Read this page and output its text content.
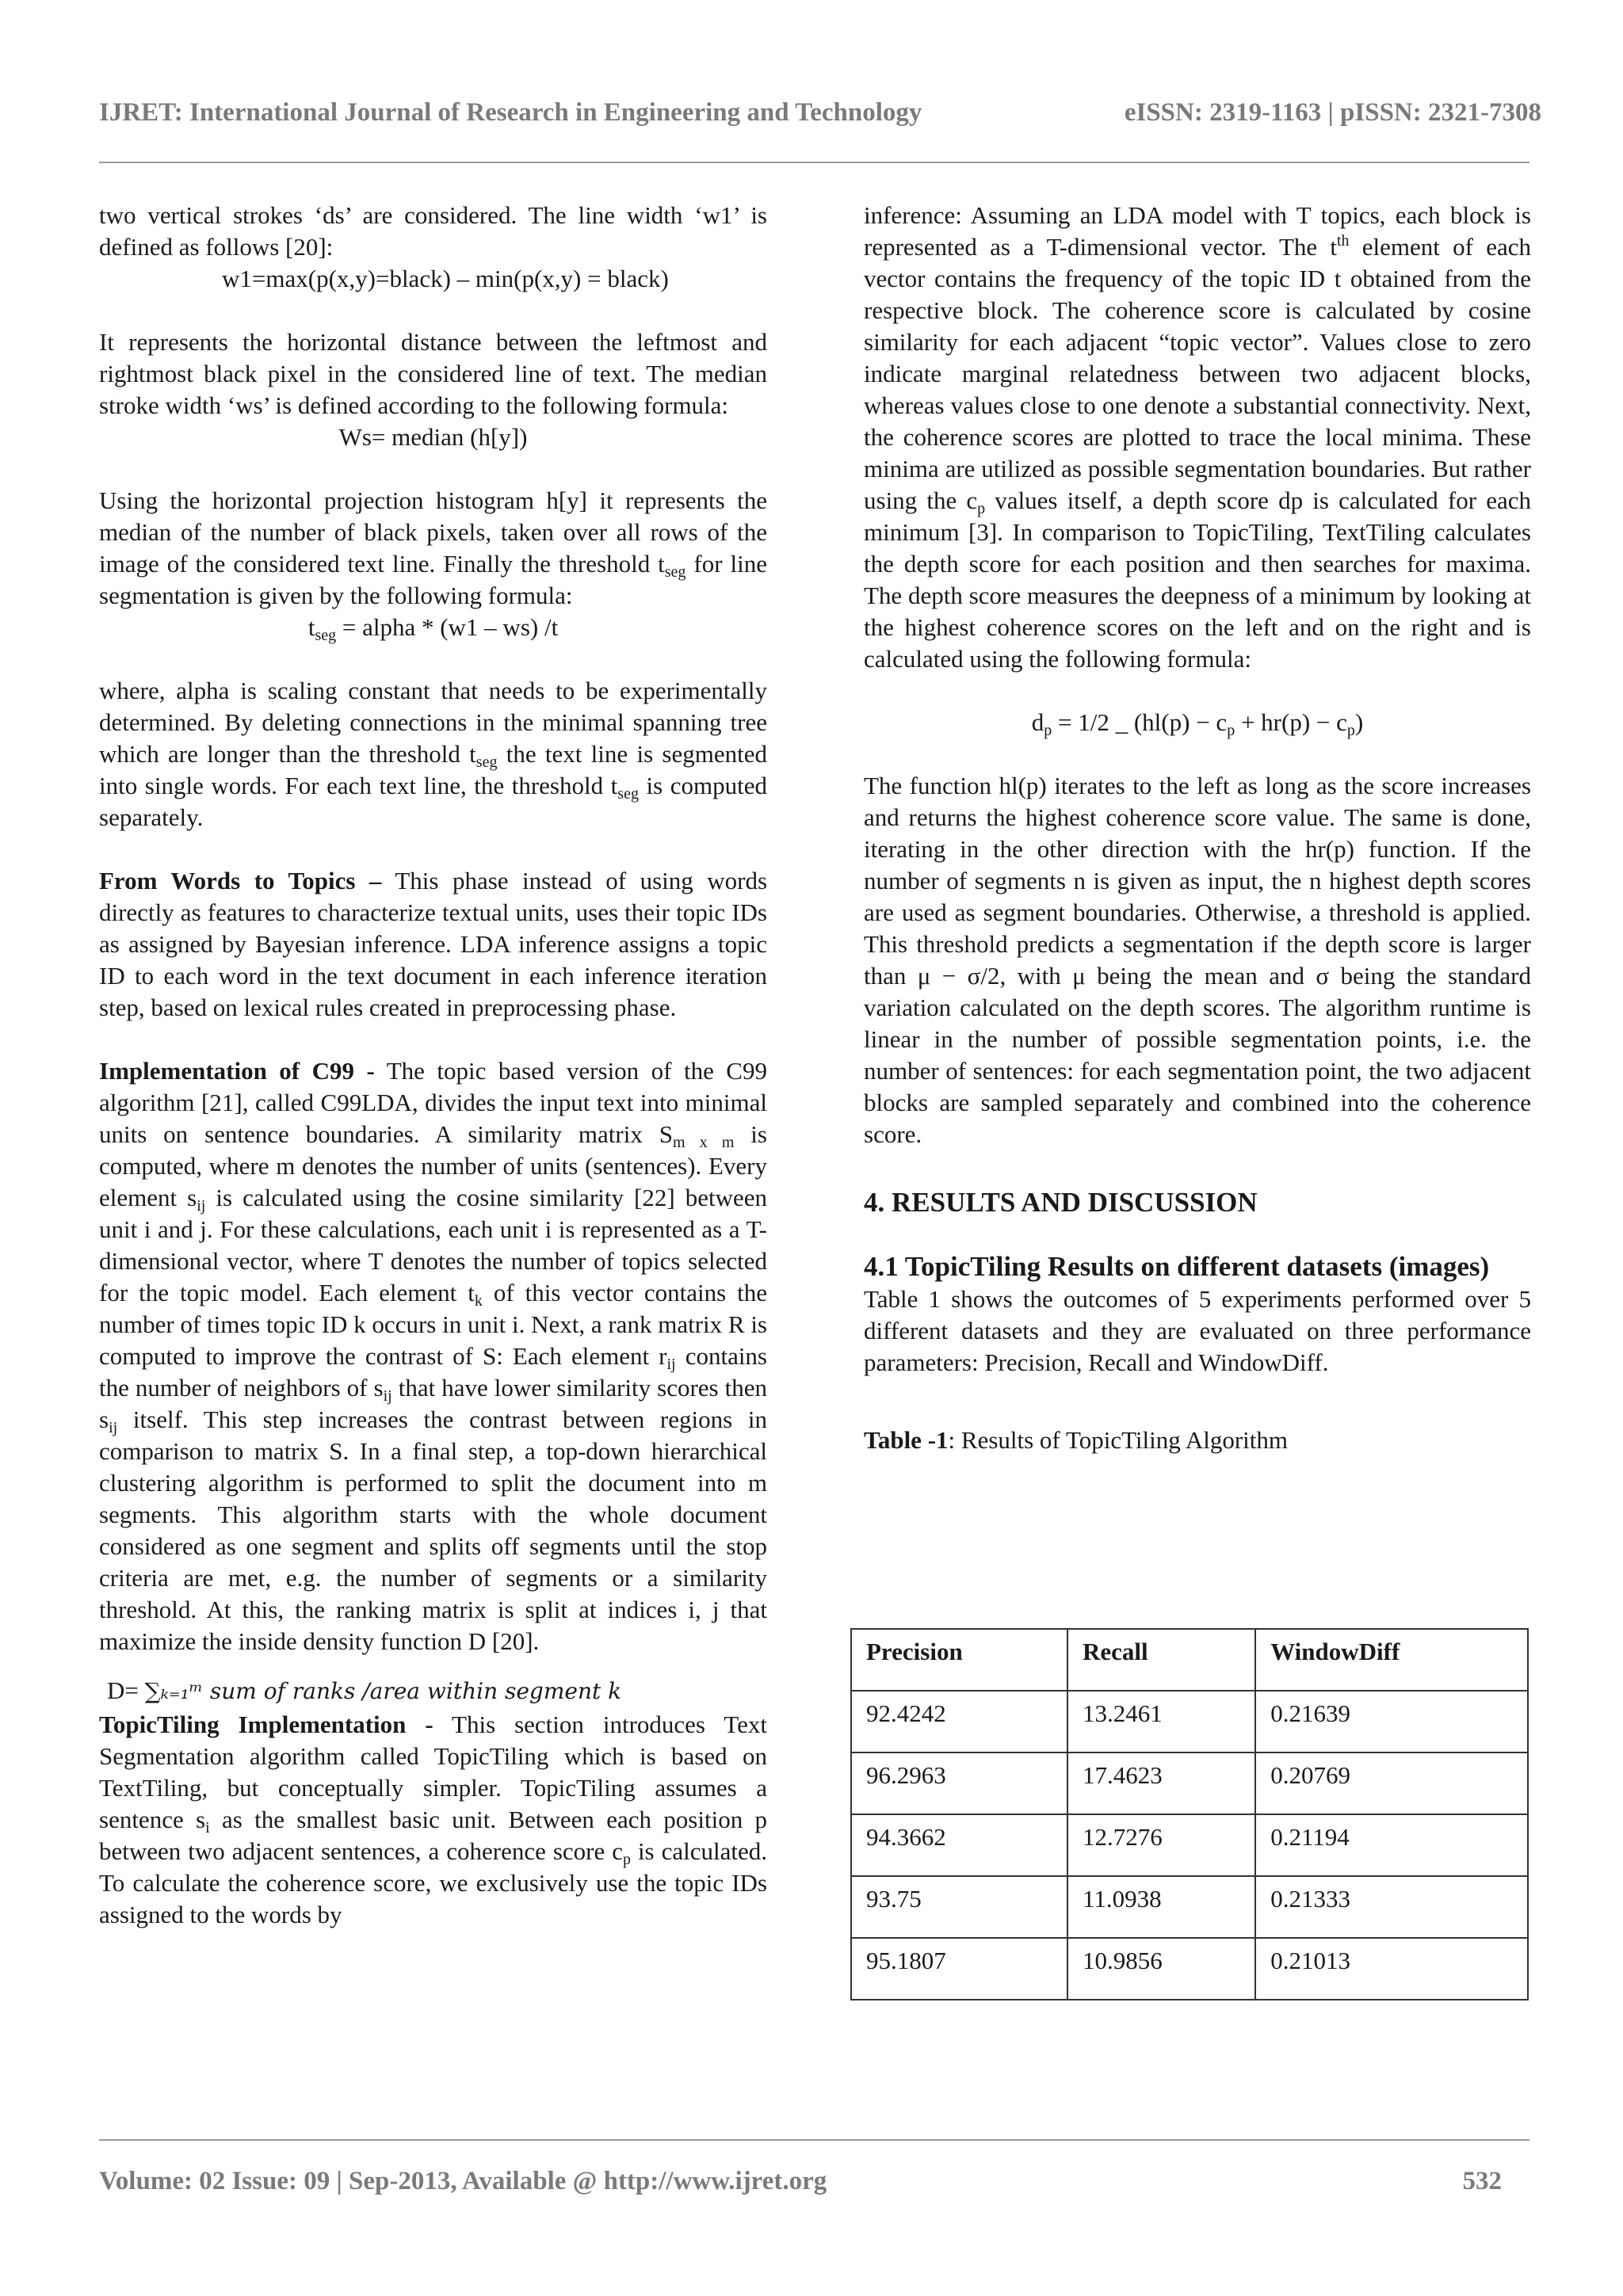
IJRET: International Journal of Research in Engineering and Technology	eISSN: 2319-1163 | pISSN: 2321-7308

two vertical strokes ‘ds’ are considered. The line width ‘w1’ is defined as follows [20]:

w1=max(p(x,y)=black) – min(p(x,y) = black)

It represents the horizontal distance between the leftmost and rightmost black pixel in the considered line of text. The median stroke width ‘ws’ is defined according to the following formula:

Ws= median (h[y])

Using the horizontal projection histogram h[y] it represents the median of the number of black pixels, taken over all rows of the image of the considered text line. Finally the threshold $t_{seg}$ for line segmentation is given by the following formula:

$t_{seg}$ = alpha * (w1 – ws) /t

where, alpha is scaling constant that needs to be experimentally determined. By deleting connections in the minimal spanning tree which are longer than the threshold $t_{seg}$ the text line is segmented into single words. For each text line, the threshold $t_{seg}$ is computed separately.

From Words to Topics – This phase instead of using words directly as features to characterize textual units, uses their topic IDs as assigned by Bayesian inference. LDA inference assigns a topic ID to each word in the text document in each inference iteration step, based on lexical rules created in preprocessing phase.

Implementation of C99 - The topic based version of the C99 algorithm [21], called C99LDA, divides the input text into minimal units on sentence boundaries. A similarity matrix $S_{m x m}$ is computed, where m denotes the number of units (sentences). Every element $s_{ij}$ is calculated using the cosine similarity [22] between unit i and j. For these calculations, each unit i is represented as a T-dimensional vector, where T denotes the number of topics selected for the topic model. Each element $t_k$ of this vector contains the number of times topic ID k occurs in unit i. Next, a rank matrix R is computed to improve the contrast of S: Each element $r_{ij}$ contains the number of neighbors of $s_{ij}$ that have lower similarity scores then $s_{ij}$ itself. This step increases the contrast between regions in comparison to matrix S. In a final step, a top-down hierarchical clustering algorithm is performed to split the document into m segments. This algorithm starts with the whole document considered as one segment and splits off segments until the stop criteria are met, e.g. the number of segments or a similarity threshold. At this, the ranking matrix is split at indices i, j that maximize the inside density function D [20].

D= ∑ₖ₌₁ᵐ sum of ranks /area within segment k

TopicTiling Implementation - This section introduces Text Segmentation algorithm called TopicTiling which is based on TextTiling, but conceptually simpler. TopicTiling assumes a sentence $s_i$ as the smallest basic unit. Between each position p between two adjacent sentences, a coherence score $c_p$ is calculated. To calculate the coherence score, we exclusively use the topic IDs assigned to the words by

inference: Assuming an LDA model with T topics, each block is represented as a T-dimensional vector. The $t^{th}$ element of each vector contains the frequency of the topic ID t obtained from the respective block. The coherence score is calculated by cosine similarity for each adjacent “topic vector”. Values close to zero indicate marginal relatedness between two adjacent blocks, whereas values close to one denote a substantial connectivity. Next, the coherence scores are plotted to trace the local minima. These minima are utilized as possible segmentation boundaries. But rather using the $c_p$ values itself, a depth score dp is calculated for each minimum [3]. In comparison to TopicTiling, TextTiling calculates the depth score for each position and then searches for maxima. The depth score measures the deepness of a minimum by looking at the highest coherence scores on the left and on the right and is calculated using the following formula:

$d_p = 1/2$ _ $(hl(p) - c_p + hr(p) - c_p)$

The function hl(p) iterates to the left as long as the score increases and returns the highest coherence score value. The same is done, iterating in the other direction with the hr(p) function. If the number of segments n is given as input, the n highest depth scores are used as segment boundaries. Otherwise, a threshold is applied. This threshold predicts a segmentation if the depth score is larger than μ − σ/2, with μ being the mean and σ being the standard variation calculated on the depth scores. The algorithm runtime is linear in the number of possible segmentation points, i.e. the number of sentences: for each segmentation point, the two adjacent blocks are sampled separately and combined into the coherence score.

4. RESULTS AND DISCUSSION
4.1 TopicTiling Results on different datasets (images)

Table 1 shows the outcomes of 5 experiments performed over 5 different datasets and they are evaluated on three performance parameters: Precision, Recall and WindowDiff.

Table -1: Results of TopicTiling Algorithm

Precision	Recall	WindowDiff
92.4242	13.2461	0.21639
96.2963	17.4623	0.20769
94.3662	12.7276	0.21194
93.75	11.0938	0.21333
95.1807	10.9856	0.21013
Volume: 02 Issue: 09 | Sep-2013, Available @ http://www.ijret.org	532
